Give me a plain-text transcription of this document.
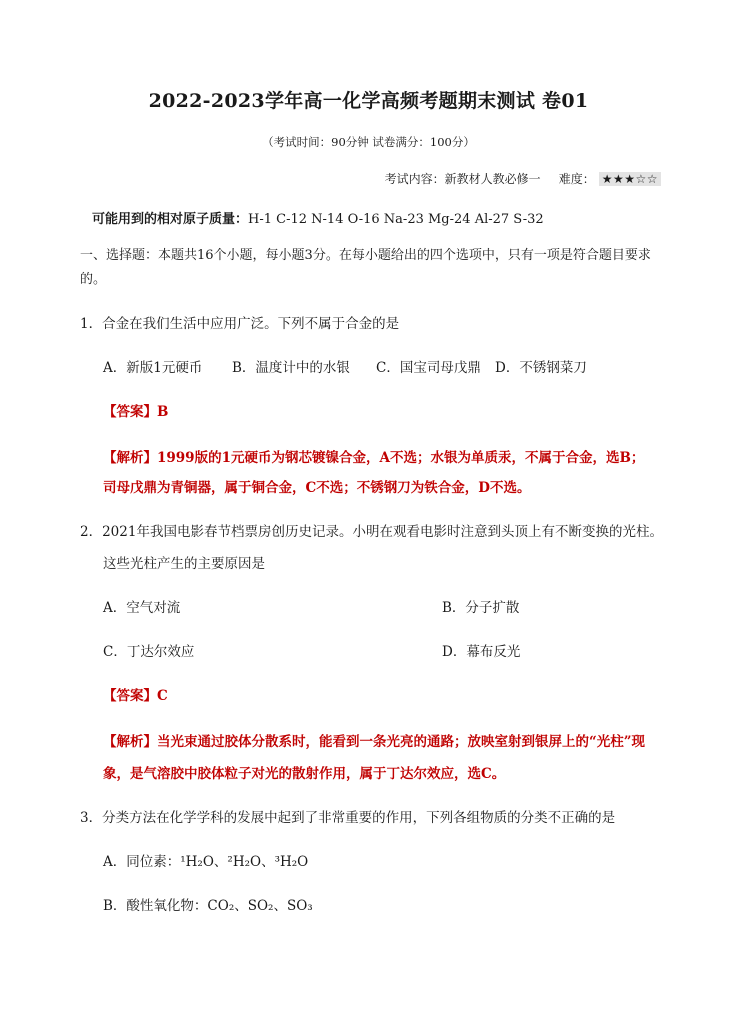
2022-2023学年高一化学高频考题期末测试 卷01
（考试时间：90分钟 试卷满分：100分）
考试内容：新教材人教必修一 难度： ★★★☆☆
可能用到的相对原子质量：H-1 C-12 N-14 O-16 Na-23 Mg-24 Al-27 S-32
一、选择题：本题共16个小题，每小题3分。在每小题给出的四个选项中，只有一项是符合题目要求的。
1．合金在我们生活中应用广泛。下列不属于合金的是
A．新版1元硬币 B．温度计中的水银 C．国宝司母戊鼎 D．不锈钢菜刀
【答案】B
【解析】1999版的1元硬币为钢芯镀镍合金，A不选；水银为单质汞，不属于合金，选B；
司母戊鼎为青铜器，属于铜合金，C不选；不锈钢刀为铁合金，D不选。
2．2021年我国电影春节档票房创历史记录。小明在观看电影时注意到头顶上有不断变换的光柱。
这些光柱产生的主要原因是
A．空气对流	B．分子扩散
C．丁达尔效应	D．幕布反光
【答案】C
【解析】当光束通过胶体分散系时，能看到一条光亮的通路；放映室射到银屏上的“光柱”现
象，是气溶胶中胶体粒子对光的散射作用，属于丁达尔效应，选C。
3．分类方法在化学学科的发展中起到了非常重要的作用，下列各组物质的分类不正确的是
A．同位素：¹H₂O、²H₂O、³H₂O
B．酸性氧化物：CO₂、SO₂、SO₃
